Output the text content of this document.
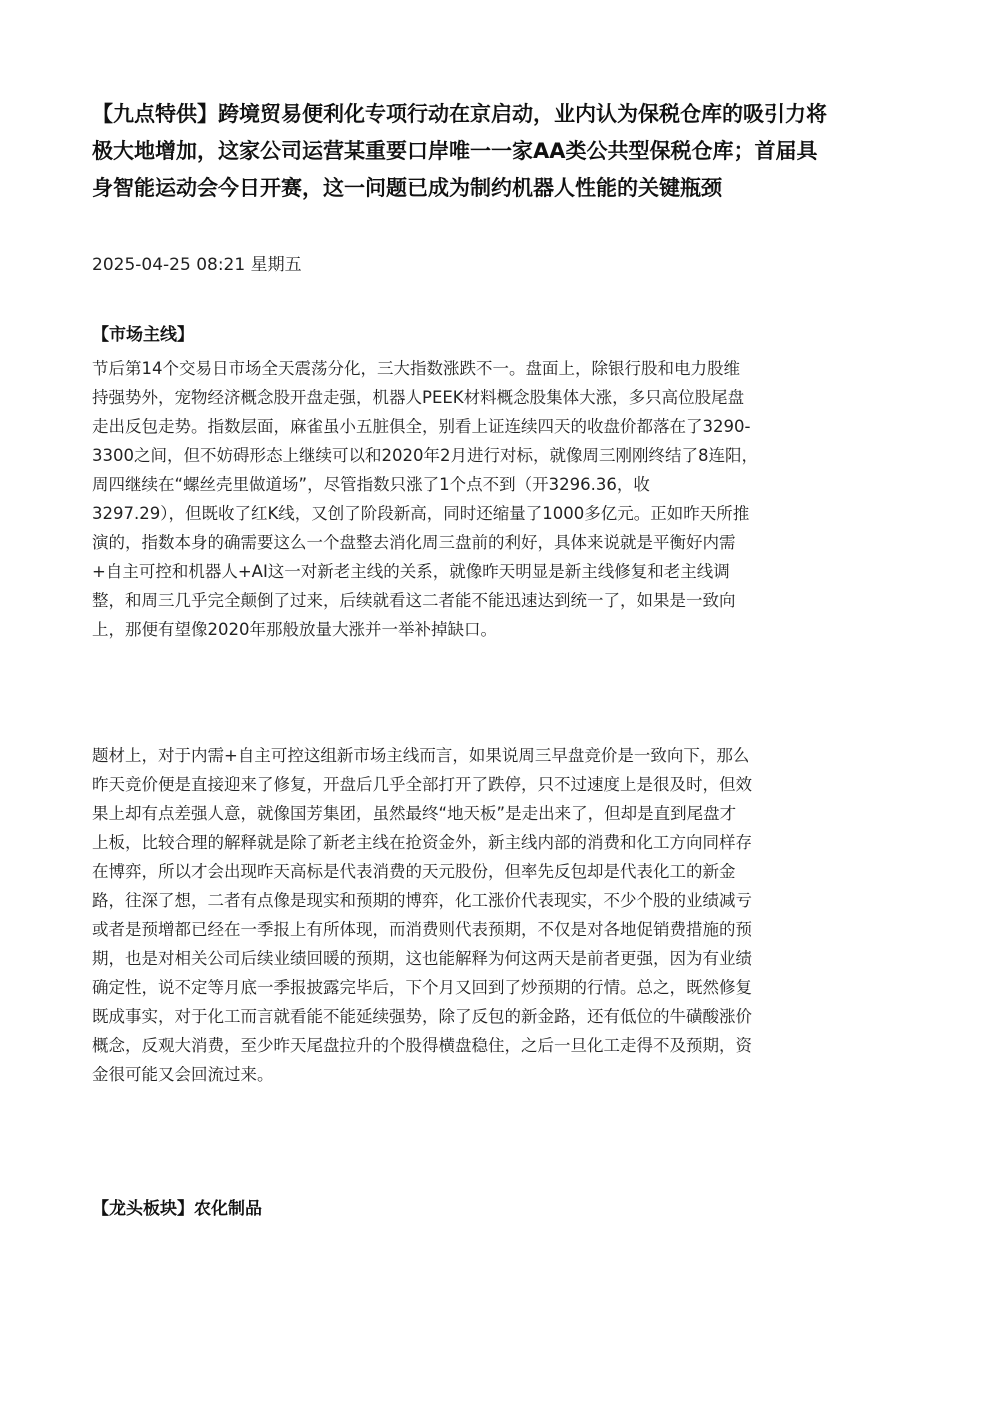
【九点特供】跨境贸易便利化专项行动在京启动，业内认为保税仓库的吸引力将
极大地增加，这家公司运营某重要口岸唯一一家AA类公共型保税仓库；首届具
身智能运动会今日开赛，这一问题已成为制约机器人性能的关键瓶颈

2025-04-25 08:21 星期五

【市场主线】

节后第14个交易日市场全天震荡分化，三大指数涨跌不一。盘面上，除银行股和电力股维
持强势外，宠物经济概念股开盘走强，机器人PEEK材料概念股集体大涨，多只高位股尾盘
走出反包走势。指数层面，麻雀虽小五脏俱全，别看上证连续四天的收盘价都落在了3290-
3300之间，但不妨碍形态上继续可以和2020年2月进行对标，就像周三刚刚终结了8连阳，
周四继续在“螺丝壳里做道场”，尽管指数只涨了1个点不到（开3296.36，收
3297.29），但既收了红K线，又创了阶段新高，同时还缩量了1000多亿元。正如昨天所推
演的，指数本身的确需要这么一个盘整去消化周三盘前的利好，具体来说就是平衡好内需
+自主可控和机器人+AI这一对新老主线的关系，就像昨天明显是新主线修复和老主线调
整，和周三几乎完全颠倒了过来，后续就看这二者能不能迅速达到统一了，如果是一致向
上，那便有望像2020年那般放量大涨并一举补掉缺口。

题材上，对于内需+自主可控这组新市场主线而言，如果说周三早盘竞价是一致向下，那么
昨天竞价便是直接迎来了修复，开盘后几乎全部打开了跌停，只不过速度上是很及时，但效
果上却有点差强人意，就像国芳集团，虽然最终“地天板”是走出来了，但却是直到尾盘才
上板，比较合理的解释就是除了新老主线在抢资金外，新主线内部的消费和化工方向同样存
在博弈，所以才会出现昨天高标是代表消费的天元股份，但率先反包却是代表化工的新金
路，往深了想，二者有点像是现实和预期的博弈，化工涨价代表现实，不少个股的业绩减亏
或者是预增都已经在一季报上有所体现，而消费则代表预期，不仅是对各地促销费措施的预
期，也是对相关公司后续业绩回暖的预期，这也能解释为何这两天是前者更强，因为有业绩
确定性，说不定等月底一季报披露完毕后，下个月又回到了炒预期的行情。总之，既然修复
既成事实，对于化工而言就看能不能延续强势，除了反包的新金路，还有低位的牛磺酸涨价
概念，反观大消费，至少昨天尾盘拉升的个股得横盘稳住，之后一旦化工走得不及预期，资
金很可能又会回流过来。

【龙头板块】农化制品
